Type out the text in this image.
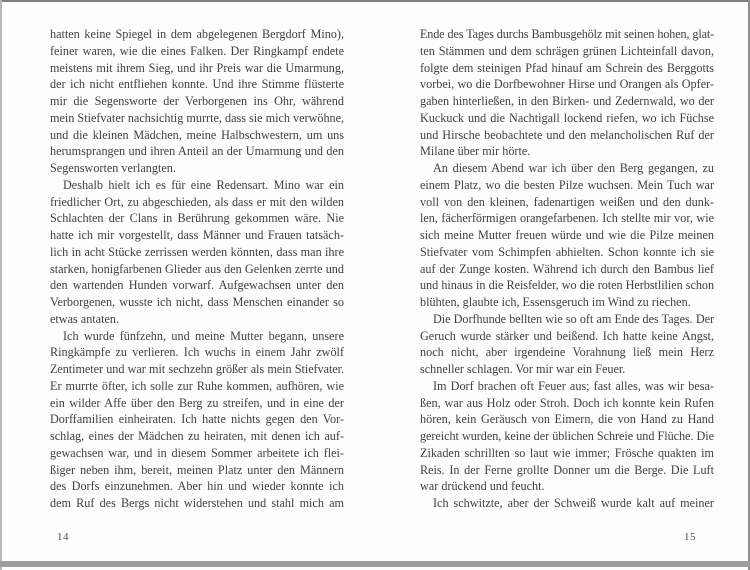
hatten keine Spiegel in dem abgelegenen Bergdorf Mino),
feiner waren, wie die eines Falken. Der Ringkampf endete
meistens mit ihrem Sieg, und ihr Preis war die Umarmung,
der ich nicht entfliehen konnte. Und ihre Stimme flüsterte
mir die Segensworte der Verborgenen ins Ohr, während
mein Stiefvater nachsichtig murrte, dass sie mich verwöhne,
und die kleinen Mädchen, meine Halbschwestern, um uns
herumsprangen und ihren Anteil an der Umarmung und den
Segensworten verlangten.
Deshalb hielt ich es für eine Redensart. Mino war ein
friedlicher Ort, zu abgeschieden, als dass er mit den wilden
Schlachten der Clans in Berührung gekommen wäre. Nie
hatte ich mir vorgestellt, dass Männer und Frauen tatsäch-
lich in acht Stücke zerrissen werden könnten, dass man ihre
starken, honigfarbenen Glieder aus den Gelenken zerrte und
den wartenden Hunden vorwarf. Aufgewachsen unter den
Verborgenen, wusste ich nicht, dass Menschen einander so
etwas antaten.
Ich wurde fünfzehn, und meine Mutter begann, unsere
Ringkämpfe zu verlieren. Ich wuchs in einem Jahr zwölf
Zentimeter und war mit sechzehn größer als mein Stiefvater.
Er murrte öfter, ich solle zur Ruhe kommen, aufhören, wie
ein wilder Affe über den Berg zu streifen, und in eine der
Dorffamilien einheiraten. Ich hatte nichts gegen den Vor-
schlag, eines der Mädchen zu heiraten, mit denen ich auf-
gewachsen war, und in diesem Sommer arbeitete ich flei-
ßiger neben ihm, bereit, meinen Platz unter den Männern
des Dorfs einzunehmen. Aber hin und wieder konnte ich
dem Ruf des Bergs nicht widerstehen und stahl mich am
Ende des Tages durchs Bambusgehölz mit seinen hohen, glat-
ten Stämmen und dem schrägen grünen Lichteinfall davon,
folgte dem steinigen Pfad hinauf am Schrein des Berggotts
vorbei, wo die Dorfbewohner Hirse und Orangen als Opfer-
gaben hinterließen, in den Birken- und Zedernwald, wo der
Kuckuck und die Nachtigall lockend riefen, wo ich Füchse
und Hirsche beobachtete und den melancholischen Ruf der
Milane über mir hörte.
An diesem Abend war ich über den Berg gegangen, zu
einem Platz, wo die besten Pilze wuchsen. Mein Tuch war
voll von den kleinen, fadenartigen weißen und den dunk-
len, fächerförmigen orangefarbenen. Ich stellte mir vor, wie
sich meine Mutter freuen würde und wie die Pilze meinen
Stiefvater vom Schimpfen abhielten. Schon konnte ich sie
auf der Zunge kosten. Während ich durch den Bambus lief
und hinaus in die Reisfelder, wo die roten Herbstlilien schon
blühten, glaubte ich, Essensgeruch im Wind zu riechen.
Die Dorfhunde bellten wie so oft am Ende des Tages. Der
Geruch wurde stärker und beißend. Ich hatte keine Angst,
noch nicht, aber irgendeine Vorahnung ließ mein Herz
schneller schlagen. Vor mir war ein Feuer.
Im Dorf brachen oft Feuer aus; fast alles, was wir besa-
ßen, war aus Holz oder Stroh. Doch ich konnte kein Rufen
hören, kein Geräusch von Eimern, die von Hand zu Hand
gereicht wurden, keine der üblichen Schreie und Flüche. Die
Zikaden schrillten so laut wie immer; Frösche quakten im
Reis. In der Ferne grollte Donner um die Berge. Die Luft
war drückend und feucht.
Ich schwitzte, aber der Schweiß wurde kalt auf meiner
14	15
